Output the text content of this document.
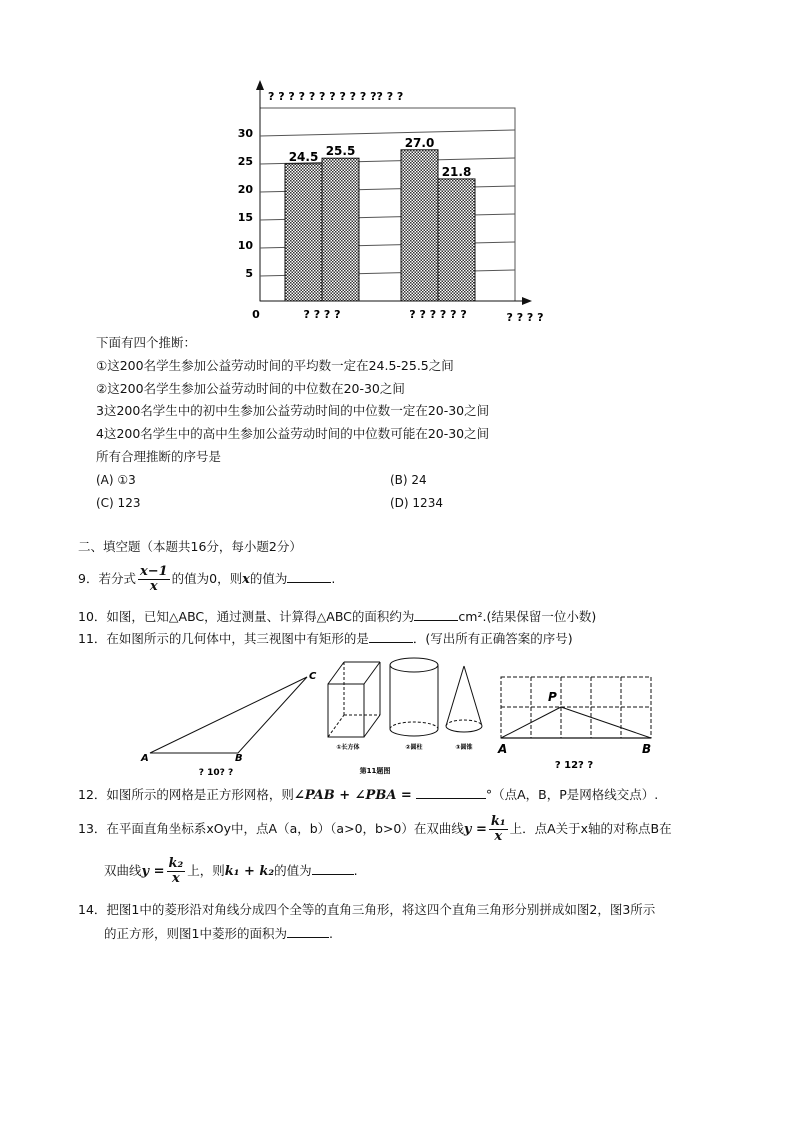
5
10
15
20
25
30
24.5 25.5
? ? ? ?
27.0
21.8
? ? ? ? ? ?
? ? ? ? ? ? ? ? ? ? ?? ? ?
0	? ? ? ?
下面有四个推断：
①这200名学生参加公益劳动时间的平均数一定在24.5-25.5之间
②这200名学生参加公益劳动时间的中位数在20-30之间
3这200名学生中的初中生参加公益劳动时间的中位数一定在20-30之间
4这200名学生中的高中生参加公益劳动时间的中位数可能在20-30之间
所有合理推断的序号是
(A) ①3	(B) 24
(C) 123	(D) 1234
二、填空题（本题共16分，每小题2分）
9．若分式 $\frac{x-1}{x}$ 的值为0，则x的值为	.
10．如图，已知△ABC，通过测量、计算得△ABC的面积约为	cm².(结果保留一位小数)
11．在如图所示的几何体中，其三视图中有矩形的是	．(写出所有正确答案的序号)
A	B
C
? 10? ?
①长方体	②圆柱	③圆锥
第11题图
P
A	B
? 12? ?
12．如图所示的网格是正方形网格，则∠PAB + ∠PBA =	°（点A，B，P是网格线交点）.
13．在平面直角坐标系xOy中，点A（a，b）（a>0，b>0）在双曲线$y = \frac{\text{k₁}}{x}$ 上．点A关于x轴的对称点B在
双曲线$y = \frac{\text{k₂}}{x}$ 上，则k₁ + k₂的值为	.
14．把图1中的菱形沿对角线分成四个全等的直角三角形，将这四个直角三角形分别拼成如图2，图3所示
的正方形，则图1中菱形的面积为	.
